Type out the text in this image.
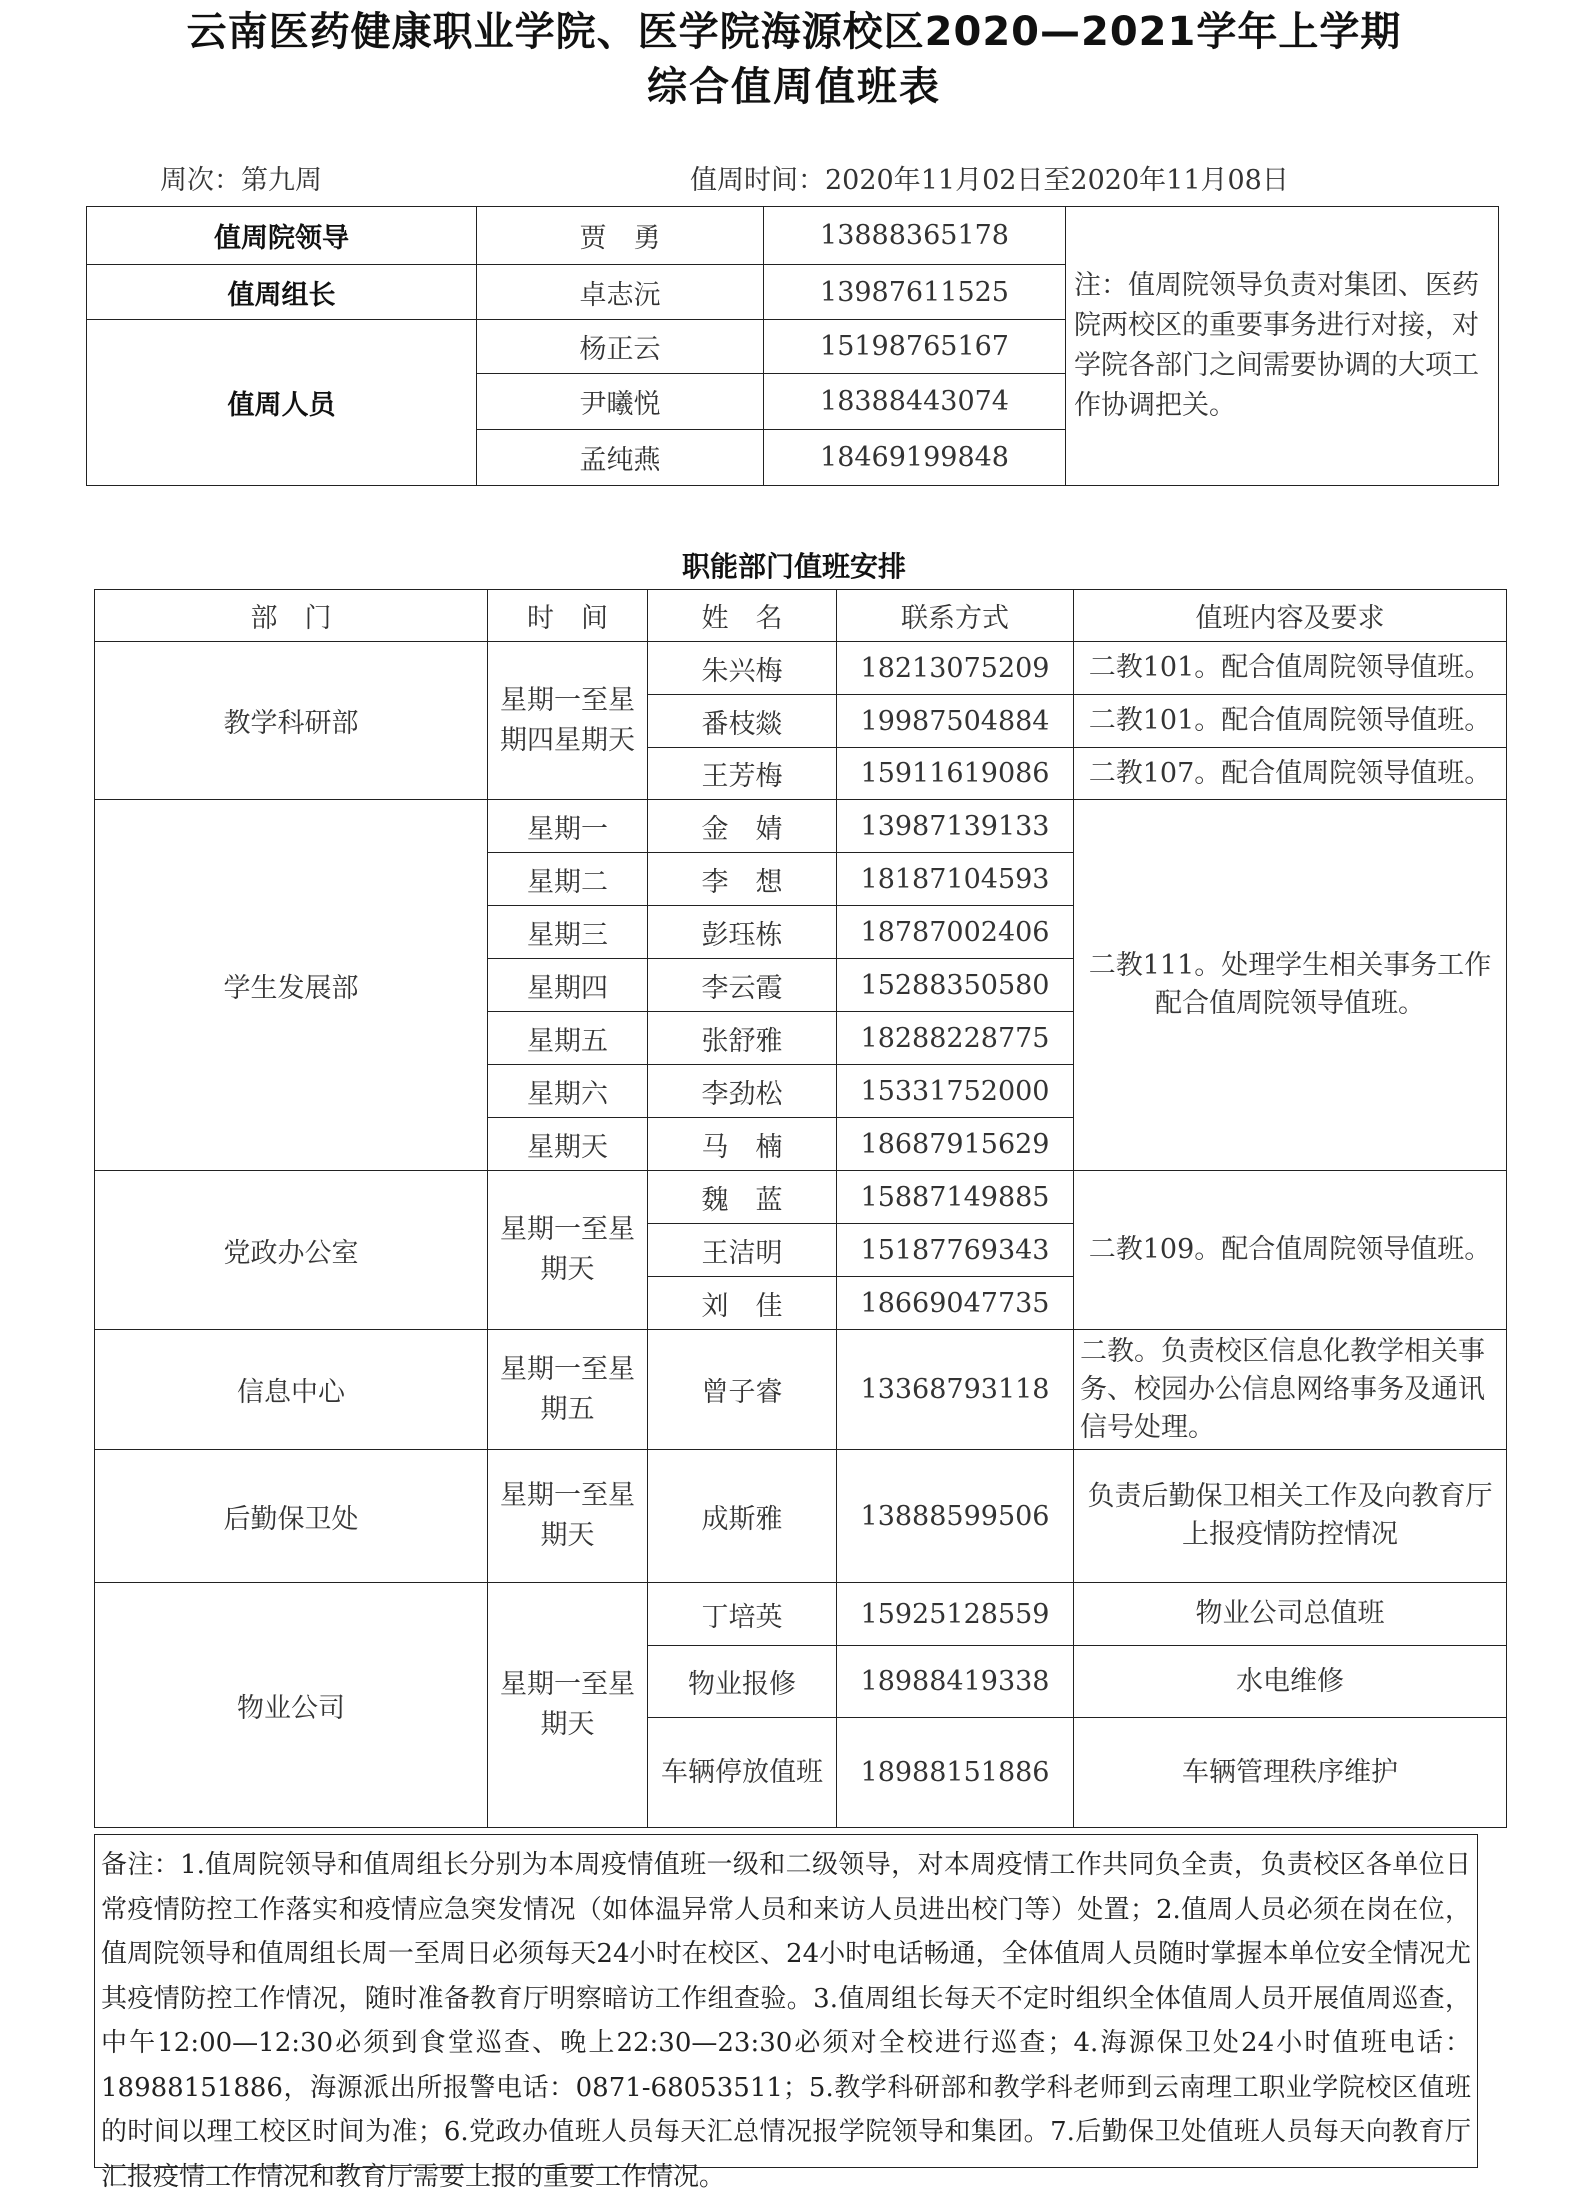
云南医药健康职业学院、医学院海源校区2020—2021学年上学期
综合值周值班表
周次：第九周	值周时间：2020年11月02日至2020年11月08日
值周院领导	贾　勇	13888365178	注：值周院领导负责对集团、医药院两校区的重要事务进行对接，对学院各部门之间需要协调的大项工作协调把关。
值周组长	卓志沅	13987611525	
值周人员	杨正云	15198765167	
	尹曦悦	18388443074	
	孟纯燕	18469199848	
职能部门值班安排
部　门	时　间	姓　名	联系方式	值班内容及要求
教学科研部	星期一至星期四星期天	朱兴梅	18213075209	二教101。配合值周院领导值班。
		番枝燚	19987504884	二教101。配合值周院领导值班。
		王芳梅	15911619086	二教107。配合值周院领导值班。
学生发展部	星期一	金　婧	13987139133	二教111。处理学生相关事务工作配合值周院领导值班。
	星期二	李　想	18187104593	
	星期三	彭珏栋	18787002406	
	星期四	李云霞	15288350580	
	星期五	张舒雅	18288228775	
	星期六	李劲松	15331752000	
	星期天	马　楠	18687915629	
党政办公室	星期一至星期天	魏　蓝	15887149885	二教109。配合值周院领导值班。
		王洁明	15187769343	
		刘　佳	18669047735	
信息中心	星期一至星期五	曾子睿	13368793118	二教。负责校区信息化教学相关事务、校园办公信息网络事务及通讯信号处理。
后勤保卫处	星期一至星期天	成斯雅	13888599506	负责后勤保卫相关工作及向教育厅上报疫情防控情况
物业公司	星期一至星期天	丁培英	15925128559	物业公司总值班
		物业报修	18988419338	水电维修
		车辆停放值班	18988151886	车辆管理秩序维护
备注：1.值周院领导和值周组长分别为本周疫情值班一级和二级领导，对本周疫情工作共同负全责，负责校区各单位日常疫情防控工作落实和疫情应急突发情况（如体温异常人员和来访人员进出校门等）处置；2.值周人员必须在岗在位，值周院领导和值周组长周一至周日必须每天24小时在校区、24小时电话畅通，全体值周人员随时掌握本单位安全情况尤其疫情防控工作情况，随时准备教育厅明察暗访工作组查验。3.值周组长每天不定时组织全体值周人员开展值周巡查，中午12:00—12:30必须到食堂巡查、晚上22:30—23:30必须对全校进行巡查；4.海源保卫处24小时值班电话：18988151886，海源派出所报警电话：0871-68053511；5.教学科研部和教学科老师到云南理工职业学院校区值班的时间以理工校区时间为准；6.党政办值班人员每天汇总情况报学院领导和集团。7.后勤保卫处值班人员每天向教育厅汇报疫情工作情况和教育厅需要上报的重要工作情况。
